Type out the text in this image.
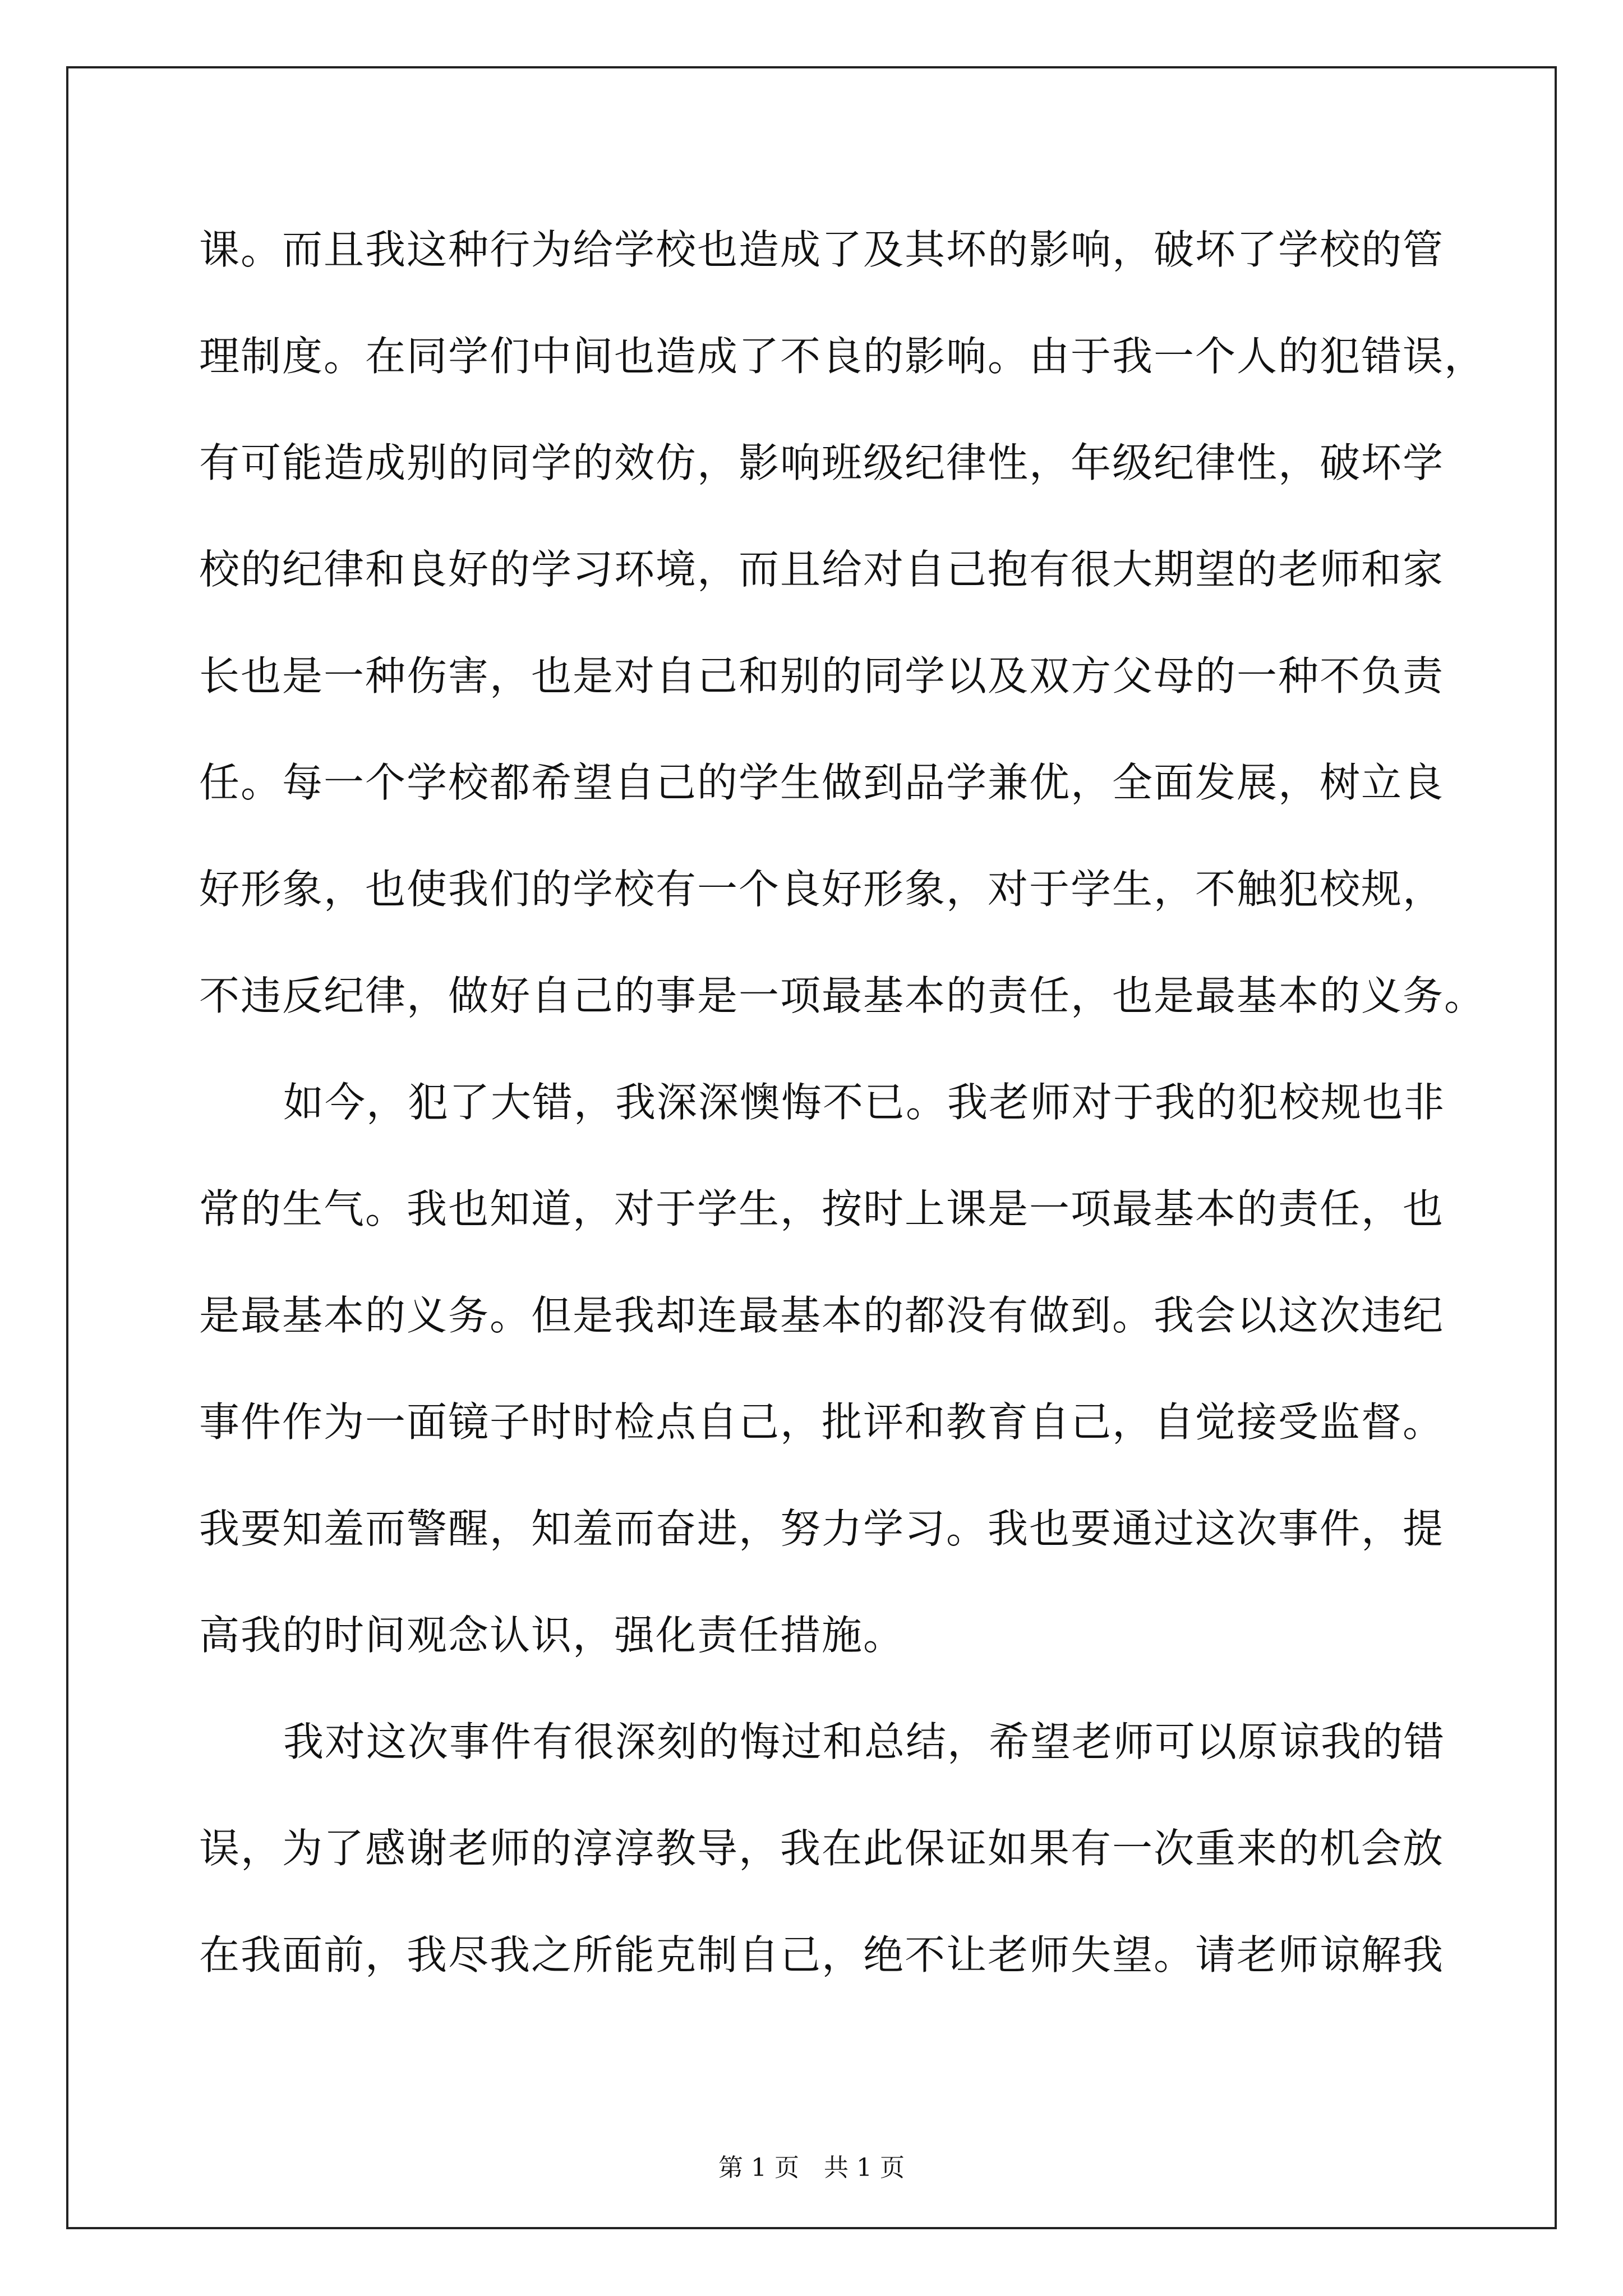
课。而且我这种行为给学校也造成了及其坏的影响，破坏了学校的管
理制度。在同学们中间也造成了不良的影响。由于我一个人的犯错误，
有可能造成别的同学的效仿，影响班级纪律性，年级纪律性，破坏学
校的纪律和良好的学习环境，而且给对自己抱有很大期望的老师和家
长也是一种伤害，也是对自己和别的同学以及双方父母的一种不负责
任。每一个学校都希望自己的学生做到品学兼优，全面发展，树立良
好形象，也使我们的学校有一个良好形象，对于学生，不触犯校规，
不违反纪律，做好自己的事是一项最基本的责任，也是最基本的义务。
如今，犯了大错，我深深懊悔不已。我老师对于我的犯校规也非
常的生气。我也知道，对于学生，按时上课是一项最基本的责任，也
是最基本的义务。但是我却连最基本的都没有做到。我会以这次违纪
事件作为一面镜子时时检点自己，批评和教育自己，自觉接受监督。
我要知羞而警醒，知羞而奋进，努力学习。我也要通过这次事件，提
高我的时间观念认识，强化责任措施。
我对这次事件有很深刻的悔过和总结，希望老师可以原谅我的错
误，为了感谢老师的淳淳教导，我在此保证如果有一次重来的机会放
在我面前，我尽我之所能克制自己，绝不让老师失望。请老师谅解我
第 1 页　共 1 页
